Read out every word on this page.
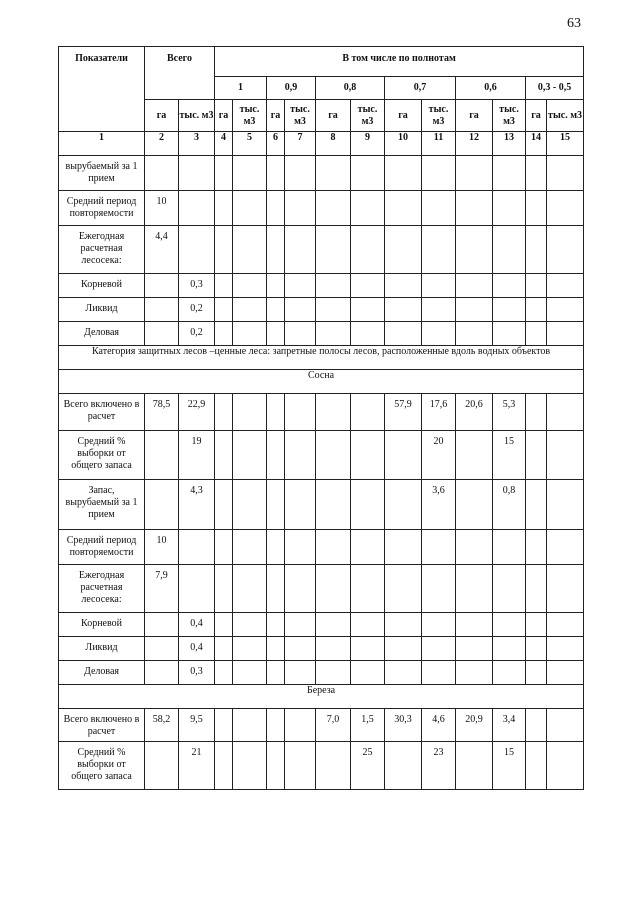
63
Показатели	Всего		В том числе по полнотам											
			1		0,9		0,8		0,7		0,6		0,3 - 0,5	
	га	тыс. м3	га	тыс. м3	га	тыс. м3	га	тыс. м3	га	тыс. м3	га	тыс. м3	га	тыс. м3
1	2	3	4	5	6	7	8	9	10	11	12	13	14	15
вырубаемый за 1 прием														
Средний период повторяемости	10													
Ежегодная расчетная лесосека:	4,4													
Корневой		0,3												
Ликвид		0,2												
Деловая		0,2												
Категория защитных лесов –ценные леса: запретные полосы лесов, расположенные вдоль водных объектов														
Сосна														
Всего включено в расчет	78,5	22,9							57,9	17,6	20,6	5,3		
Средний % выборки от общего запаса		19								20		15		
Запас, вырубаемый за 1 прием		4,3								3,6		0,8		
Средний период повторяемости	10													
Ежегодная расчетная лесосека:	7,9													
Корневой		0,4												
Ликвид		0,4												
Деловая		0,3												
Береза														
Всего включено в расчет	58,2	9,5					7,0	1,5	30,3	4,6	20,9	3,4		
Средний % выборки от общего запаса		21						25		23		15		
